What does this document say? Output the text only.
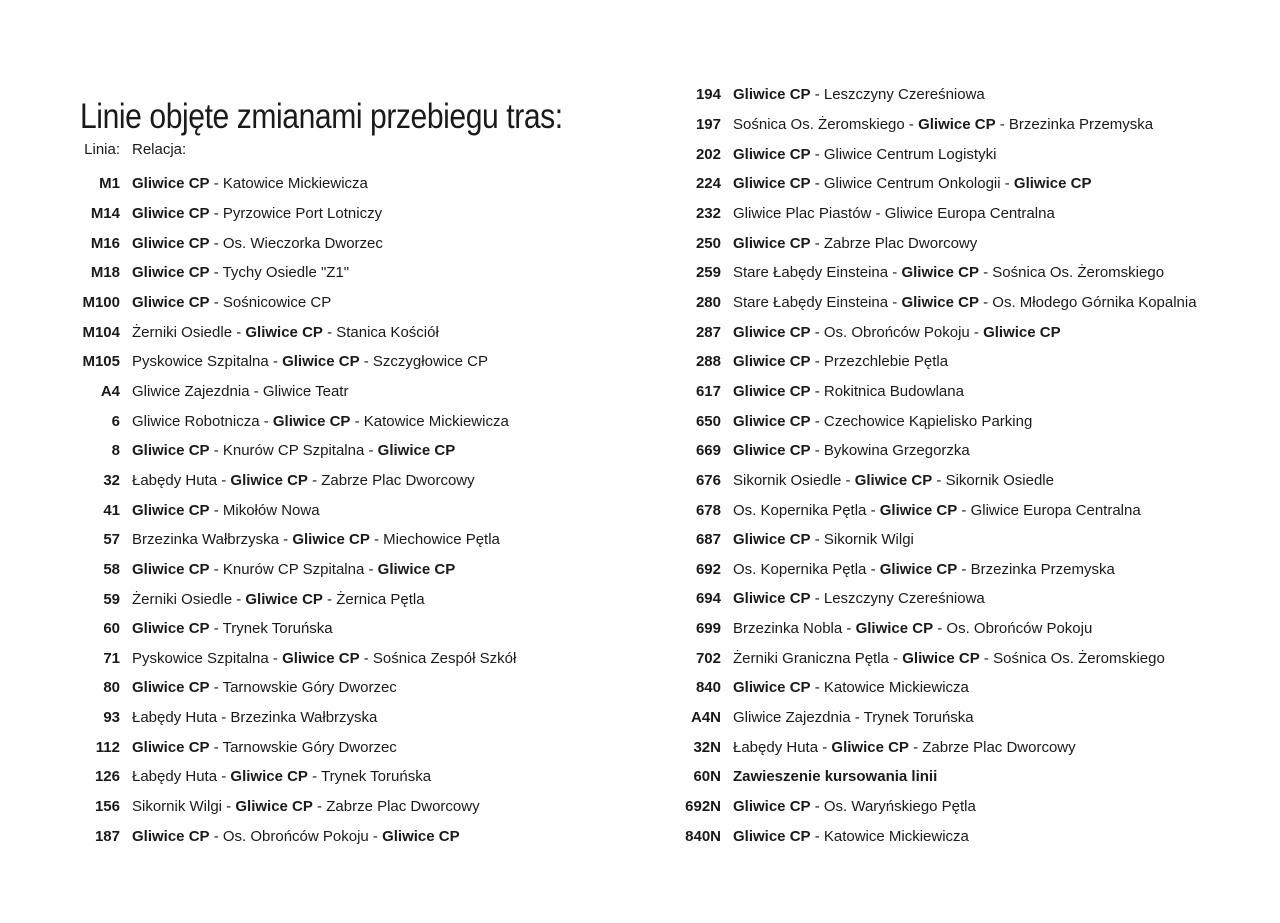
Linie objęte zmianami przebiegu tras:
Linia: Relacja:
M1 Gliwice CP - Katowice Mickiewicza
M14 Gliwice CP - Pyrzowice Port Lotniczy
M16 Gliwice CP - Os. Wieczorka Dworzec
M18 Gliwice CP - Tychy Osiedle "Z1"
M100 Gliwice CP - Sośnicowice CP
M104 Żerniki Osiedle - Gliwice CP - Stanica Kościół
M105 Pyskowice Szpitalna - Gliwice CP - Szczygłowice CP
A4 Gliwice Zajezdnia - Gliwice Teatr
6 Gliwice Robotnicza - Gliwice CP - Katowice Mickiewicza
8 Gliwice CP - Knurów CP Szpitalna - Gliwice CP
32 Łabędy Huta - Gliwice CP - Zabrze Plac Dworcowy
41 Gliwice CP - Mikołów Nowa
57 Brzezinka Wałbrzyska - Gliwice CP - Miechowice Pętla
58 Gliwice CP - Knurów CP Szpitalna - Gliwice CP
59 Żerniki Osiedle - Gliwice CP - Żernica Pętla
60 Gliwice CP - Trynek Toruńska
71 Pyskowice Szpitalna - Gliwice CP - Sośnica Zespół Szkół
80 Gliwice CP - Tarnowskie Góry Dworzec
93 Łabędy Huta - Brzezinka Wałbrzyska
112 Gliwice CP - Tarnowskie Góry Dworzec
126 Łabędy Huta - Gliwice CP - Trynek Toruńska
156 Sikornik Wilgi - Gliwice CP - Zabrze Plac Dworcowy
187 Gliwice CP - Os. Obrońców Pokoju - Gliwice CP
194 Gliwice CP - Leszczyny Czereśniowa
197 Sośnica Os. Żeromskiego - Gliwice CP - Brzezinka Przemyska
202 Gliwice CP - Gliwice Centrum Logistyki
224 Gliwice CP - Gliwice Centrum Onkologii - Gliwice CP
232 Gliwice Plac Piastów - Gliwice Europa Centralna
250 Gliwice CP - Zabrze Plac Dworcowy
259 Stare Łabędy Einsteina - Gliwice CP - Sośnica Os. Żeromskiego
280 Stare Łabędy Einsteina - Gliwice CP - Os. Młodego Górnika Kopalnia
287 Gliwice CP - Os. Obrońców Pokoju - Gliwice CP
288 Gliwice CP - Przezchlebie Pętla
617 Gliwice CP - Rokitnica Budowlana
650 Gliwice CP - Czechowice Kąpielisko Parking
669 Gliwice CP - Bykowina Grzegorzka
676 Sikornik Osiedle - Gliwice CP - Sikornik Osiedle
678 Os. Kopernika Pętla - Gliwice CP - Gliwice Europa Centralna
687 Gliwice CP - Sikornik Wilgi
692 Os. Kopernika Pętla - Gliwice CP - Brzezinka Przemyska
694 Gliwice CP - Leszczyny Czereśniowa
699 Brzezinka Nobla - Gliwice CP - Os. Obrońców Pokoju
702 Żerniki Graniczna Pętla - Gliwice CP - Sośnica Os. Żeromskiego
840 Gliwice CP - Katowice Mickiewicza
A4N Gliwice Zajezdnia - Trynek Toruńska
32N Łabędy Huta - Gliwice CP - Zabrze Plac Dworcowy
60N Zawieszenie kursowania linii
692N Gliwice CP - Os. Waryńskiego Pętla
840N Gliwice CP - Katowice Mickiewicza
